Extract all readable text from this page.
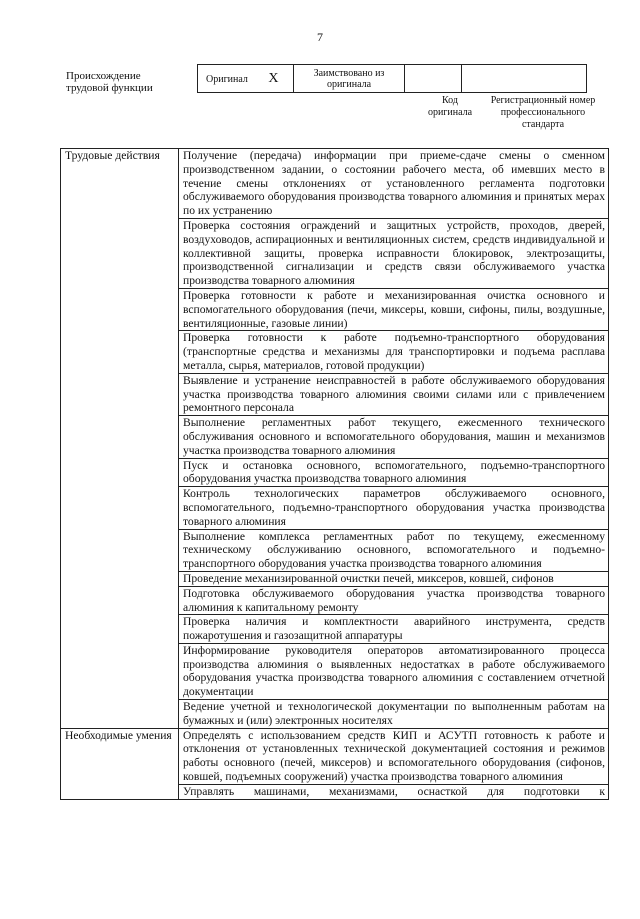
7
Происхождение трудовой функции
Оригинал X	Заимствовано из оригинала		
Код оригинала
Регистрационный номер профессионального стандарта
Трудовые действия	Получение (передача) информации при приеме-сдаче смены о сменном производственном задании, о состоянии рабочего места, об имевших место в течение смены отклонениях от установленного регламента подготовки обслуживаемого оборудования производства товарного алюминия и принятых мерах по их устранению
	Проверка состояния ограждений и защитных устройств, проходов, дверей, воздуховодов, аспирационных и вентиляционных систем, средств индивидуальной и коллективной защиты, проверка исправности блокировок, электрозащиты, производственной сигнализации и средств связи обслуживаемого участка производства товарного алюминия
	Проверка готовности к работе и механизированная очистка основного и вспомогательного оборудования (печи, миксеры, ковши, сифоны, пилы, воздушные, вентиляционные, газовые линии)
	Проверка готовности к работе подъемно-транспортного оборудования (транспортные средства и механизмы для транспортировки и подъема расплава металла, сырья, материалов, готовой продукции)
	Выявление и устранение неисправностей в работе обслуживаемого оборудования участка производства товарного алюминия своими силами или с привлечением ремонтного персонала
	Выполнение регламентных работ текущего, ежесменного технического обслуживания основного и вспомогательного оборудования, машин и механизмов участка производства товарного алюминия
	Пуск и остановка основного, вспомогательного, подъемно-транспортного оборудования участка производства товарного алюминия
	Контроль технологических параметров обслуживаемого основного, вспомогательного, подъемно-транспортного оборудования участка производства товарного алюминия
	Выполнение комплекса регламентных работ по текущему, ежесменному техническому обслуживанию основного, вспомогательного и подъемно-транспортного оборудования участка производства товарного алюминия
	Проведение механизированной очистки печей, миксеров, ковшей, сифонов
	Подготовка обслуживаемого оборудования участка производства товарного алюминия к капитальному ремонту
	Проверка наличия и комплектности аварийного инструмента, средств пожаротушения и газозащитной аппаратуры
	Информирование руководителя операторов автоматизированного процесса производства алюминия о выявленных недостатках в работе обслуживаемого оборудования участка производства товарного алюминия с составлением отчетной документации
	Ведение учетной и технологической документации по выполненным работам на бумажных и (или) электронных носителях
Необходимые умения	Определять с использованием средств КИП и АСУТП готовность к работе и отклонения от установленных технической документацией состояния и режимов работы основного (печей, миксеров) и вспомогательного оборудования (сифонов, ковшей, подъемных сооружений) участка производства товарного алюминия
	Управлять машинами, механизмами, оснасткой для подготовки к
